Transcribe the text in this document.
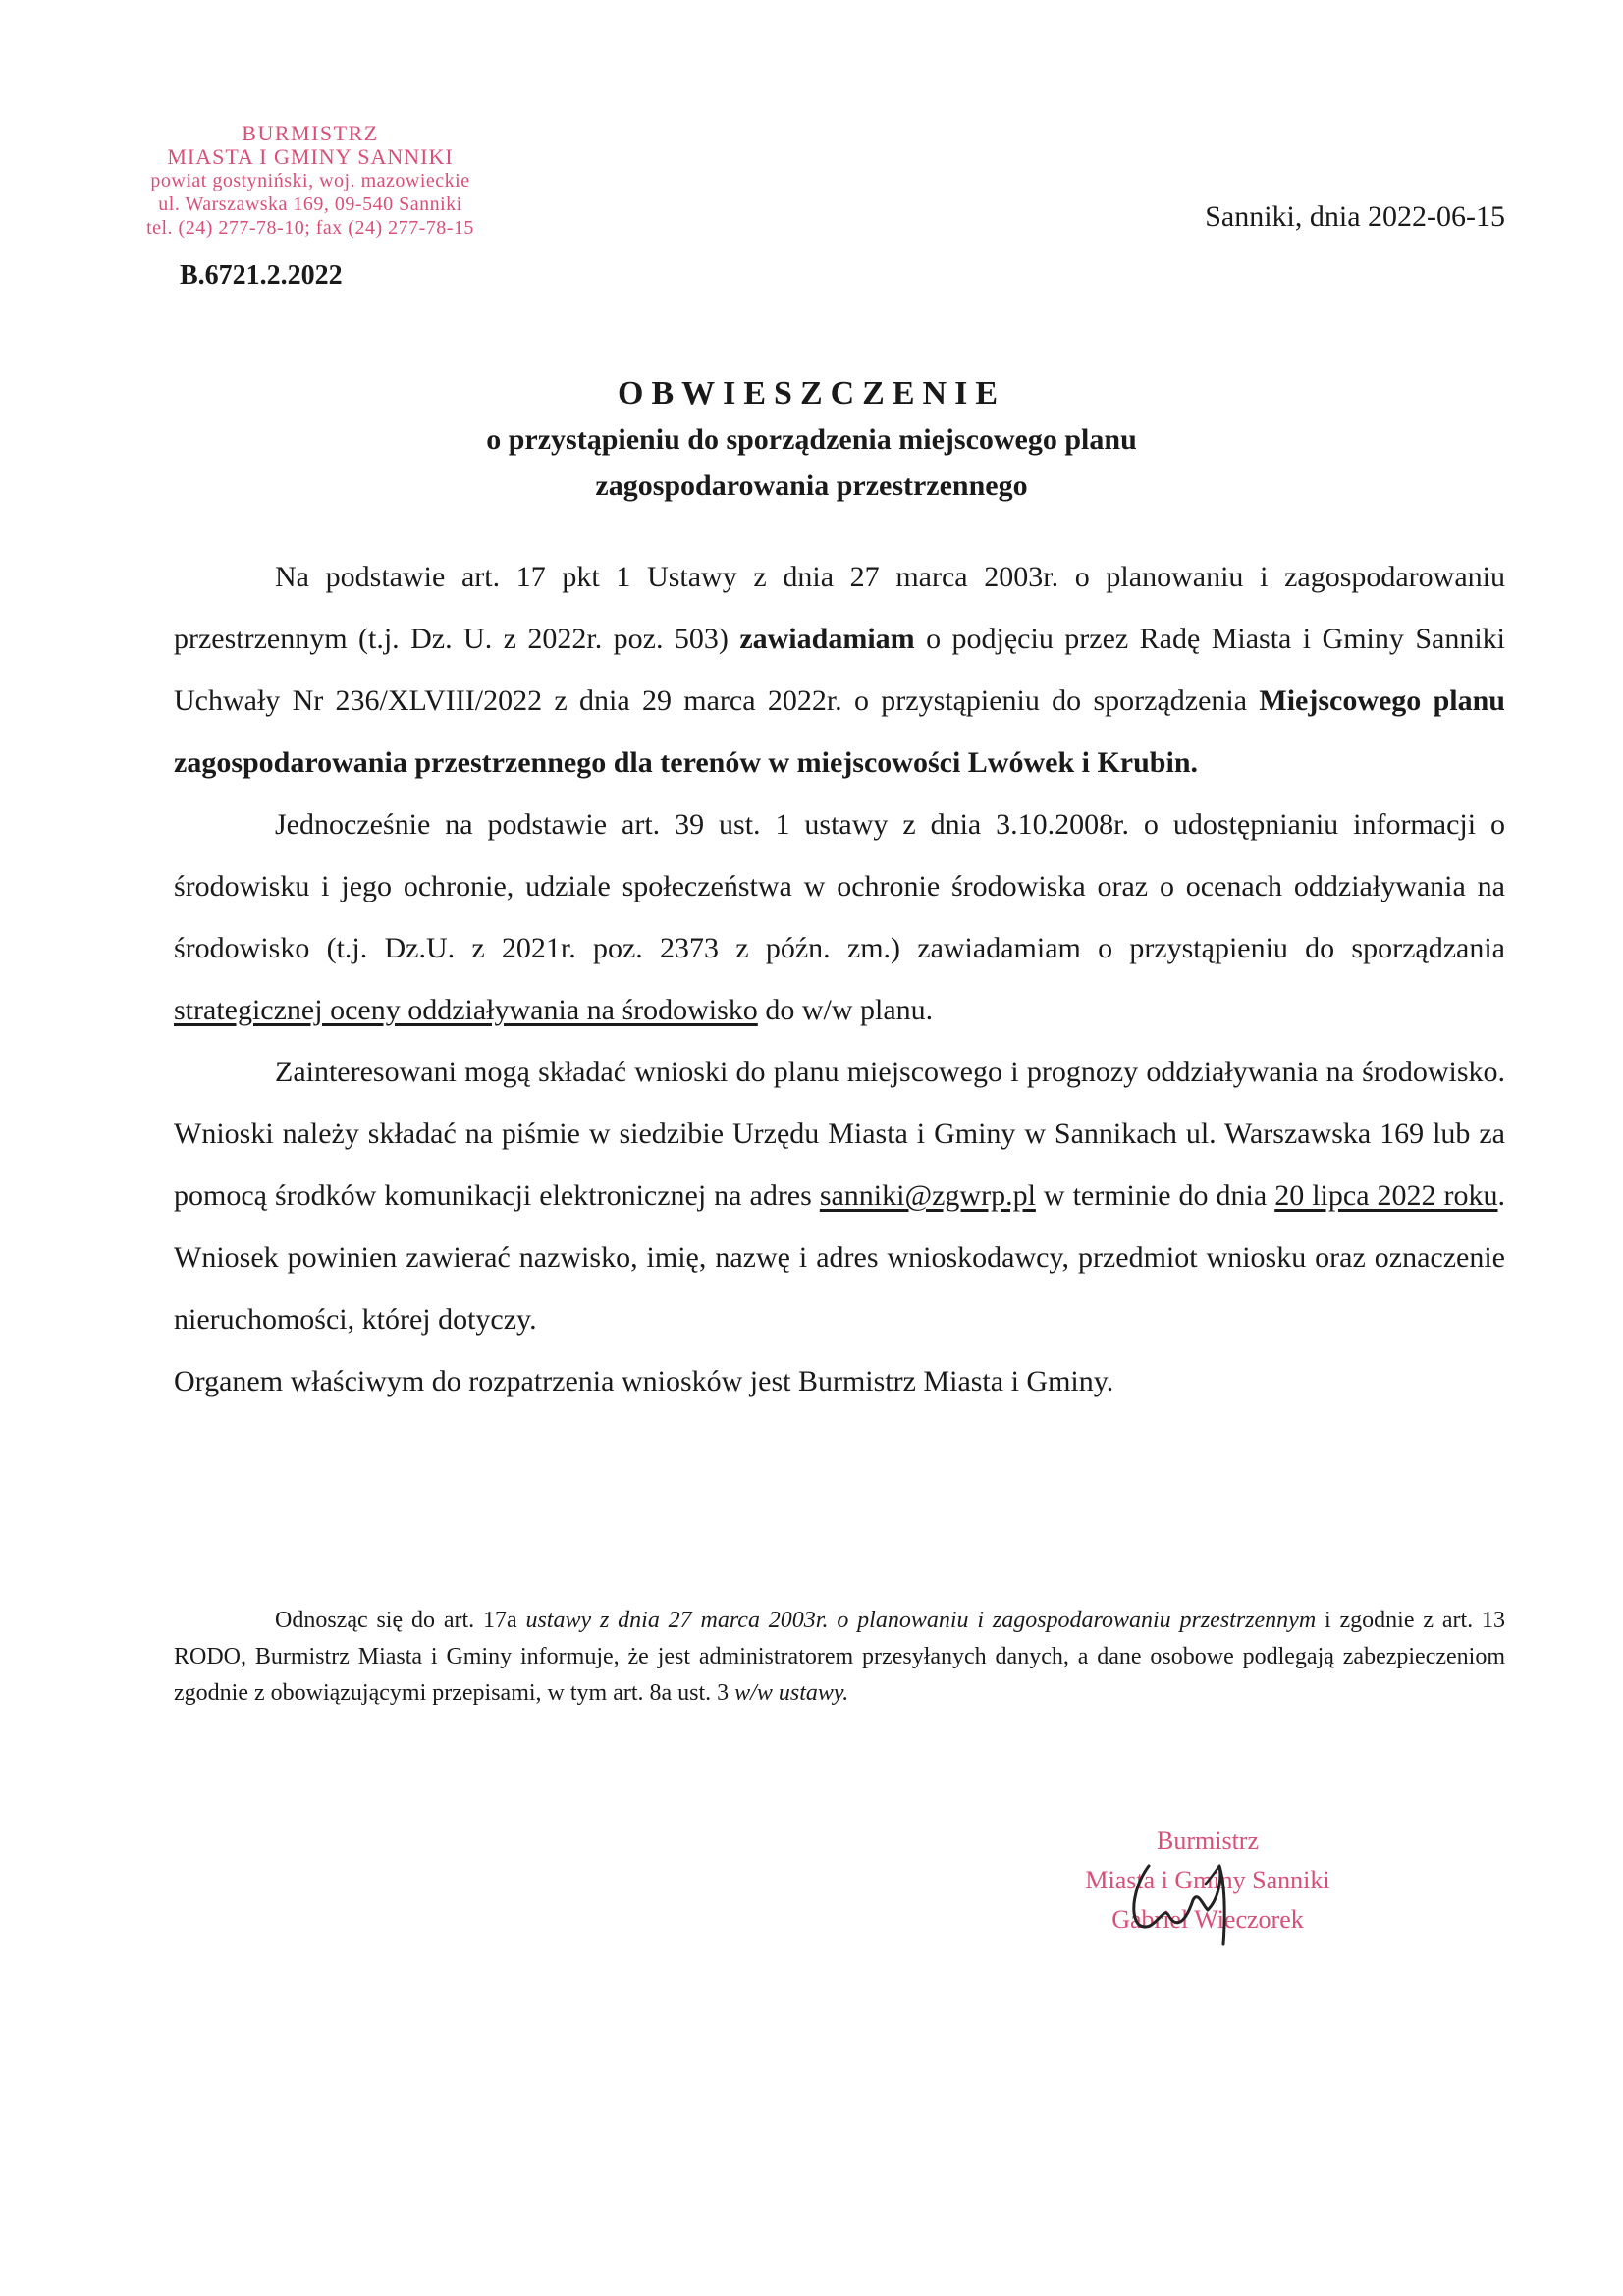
BURMISTRZ
MIASTA I GMINY SANNIKI
powiat gostyniński, woj. mazowieckie
ul. Warszawska 169, 09-540 Sanniki
tel. (24) 277-78-10; fax (24) 277-78-15
B.6721.2.2022
Sanniki, dnia 2022-06-15
OBWIESZCZENIE
o przystąpieniu do sporządzenia miejscowego planu
zagospodarowania przestrzennego

Na podstawie art. 17 pkt 1 Ustawy z dnia 27 marca 2003r. o planowaniu i zagospodarowaniu przestrzennym (t.j. Dz. U. z 2022r. poz. 503) zawiadamiam o podjęciu przez Radę Miasta i Gminy Sanniki Uchwały Nr 236/XLVIII/2022 z dnia 29 marca 2022r. o przystąpieniu do sporządzenia Miejscowego planu zagospodarowania przestrzennego dla terenów w miejscowości Lwówek i Krubin.

Jednocześnie na podstawie art. 39 ust. 1 ustawy z dnia 3.10.2008r. o udostępnianiu informacji o środowisku i jego ochronie, udziale społeczeństwa w ochronie środowiska oraz o ocenach oddziaływania na środowisko (t.j. Dz.U. z 2021r. poz. 2373 z późn. zm.) zawiadamiam o przystąpieniu do sporządzania strategicznej oceny oddziaływania na środowisko do w/w planu.

Zainteresowani mogą składać wnioski do planu miejscowego i prognozy oddziaływania na środowisko. Wnioski należy składać na piśmie w siedzibie Urzędu Miasta i Gminy w Sannikach ul. Warszawska 169 lub za pomocą środków komunikacji elektronicznej na adres sanniki@zgwrp.pl w terminie do dnia 20 lipca 2022 roku. Wniosek powinien zawierać nazwisko, imię, nazwę i adres wnioskodawcy, przedmiot wniosku oraz oznaczenie nieruchomości, której dotyczy.

Organem właściwym do rozpatrzenia wniosków jest Burmistrz Miasta i Gminy.

Odnosząc się do art. 17a ustawy z dnia 27 marca 2003r. o planowaniu i zagospodarowaniu przestrzennym i zgodnie z art. 13 RODO, Burmistrz Miasta i Gminy informuje, że jest administratorem przesyłanych danych, a dane osobowe podlegają zabezpieczeniom zgodnie z obowiązującymi przepisami, w tym art. 8a ust. 3 w/w ustawy.
Burmistrz
Miasta i Gminy Sanniki
Gabriel Wieczorek
